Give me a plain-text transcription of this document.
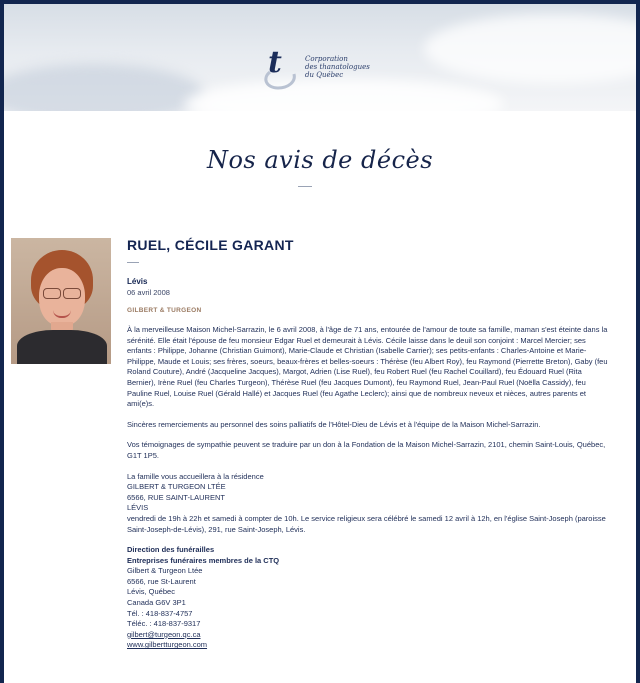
t	Corporation
des thanatologues
du Québec
Nos avis de décès
RUEL, CÉCILE GARANT
Lévis
06 avril 2008
GILBERT & TURGEON

À la merveilleuse Maison Michel-Sarrazin, le 6 avril 2008, à l'âge de 71 ans, entourée de l'amour de toute sa famille, maman s'est éteinte dans la sérénité. Elle était l'épouse de feu monsieur Edgar Ruel et demeurait à Lévis. Cécile laisse dans le deuil son conjoint : Marcel Mercier; ses enfants : Philippe, Johanne (Christian Guimont), Marie-Claude et Christian (Isabelle Carrier); ses petits-enfants : Charles-Antoine et Marie-Philippe, Maude et Louis; ses frères, soeurs, beaux-frères et belles-soeurs : Thérèse (feu Albert Roy), feu Raymond (Pierrette Breton), Gaby (feu Roland Couture), André (Jacqueline Jacques), Margot, Adrien (Lise Ruel), feu Robert Ruel (feu Rachel Couillard), feu Édouard Ruel (Rita Bernier), Irène Ruel (feu Charles Turgeon), Thérèse Ruel (feu Jacques Dumont), feu Raymond Ruel, Jean-Paul Ruel (Noëlla Cassidy), feu Pauline Ruel, Louise Ruel (Gérald Hallé) et Jacques Ruel (feu Agathe Leclerc); ainsi que de nombreux neveux et nièces, autres parents et ami(e)s.

Sincères remerciements au personnel des soins palliatifs de l'Hôtel-Dieu de Lévis et à l'équipe de la Maison Michel-Sarrazin.

Vos témoignages de sympathie peuvent se traduire par un don à la Fondation de la Maison Michel-Sarrazin, 2101, chemin Saint-Louis, Québec, G1T 1P5.

La famille vous accueillera à la résidence
GILBERT & TURGEON LTÉE
6566, RUE SAINT-LAURENT
LÉVIS
vendredi de 19h à 22h et samedi à compter de 10h. Le service religieux sera célébré le samedi 12 avril à 12h, en l'église Saint-Joseph (paroisse Saint-Joseph-de-Lévis), 291, rue Saint-Joseph, Lévis.
Direction des funérailles
Entreprises funéraires membres de la CTQ
Gilbert & Turgeon Ltée
6566, rue St-Laurent
Lévis, Québec
Canada G6V 3P1
Tél. : 418-837-4757
Téléc. : 418-837-9317
gilbert@turgeon.qc.ca
www.gilbertturgeon.com
